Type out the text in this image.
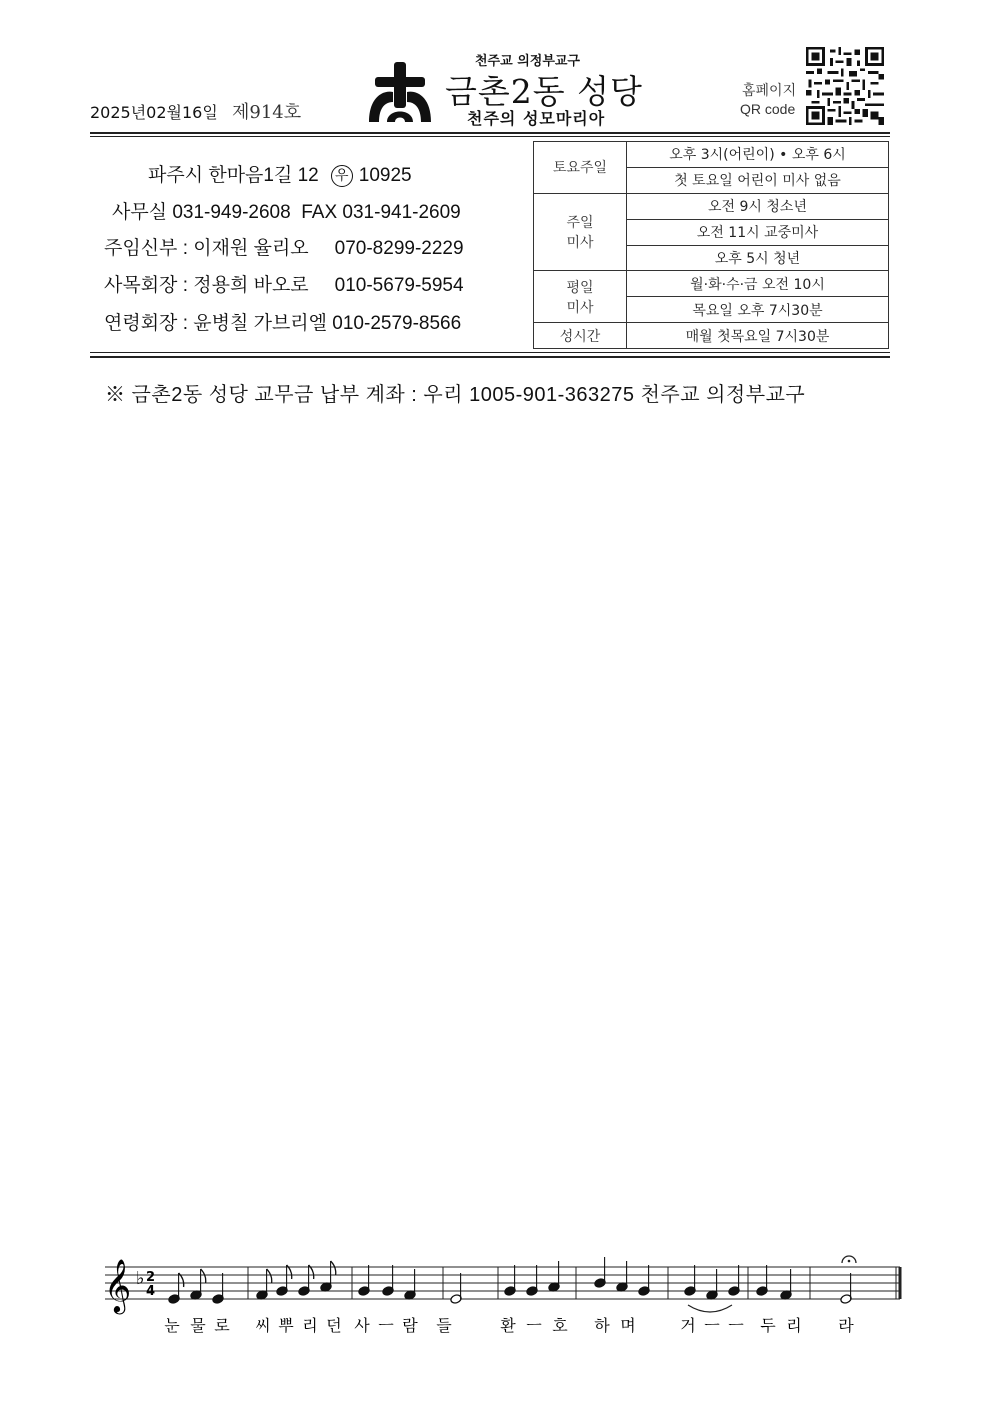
2025년02월16일 제914호
천주교 의정부교구
금촌2동 성당
천주의 성모마리아
홈페이지
QR code
파주시 한마음1길 12 우 10925
사무실 031-949-2608 FAX 031-941-2609
주임신부 : 이재원 율리오 070-8299-2229
사목회장 : 정용희 바오로 010-5679-5954
연령회장 : 윤병칠 가브리엘 010-2579-8566
토요주일	오후 3시(어린이) • 오후 6시
	첫 토요일 어린이 미사 없음
주일
미사	오전 9시 청소년
	오전 11시 교중미사
	오후 5시 청년
평일
미사	월·화·수·금 오전 10시
	목요일 오후 7시30분
성시간	매월 첫목요일 7시30분
※ 금촌2동 성당 교무금 납부 계좌 : 우리 1005-901-363275 천주교 의정부교구
𝄞 ♭ 2
4
눈 물 로 씨 뿌 리 던 사 ㅡ 람 들	환 ㅡ 호 하 며	거 ㅡ ㅡ 두 리 라
